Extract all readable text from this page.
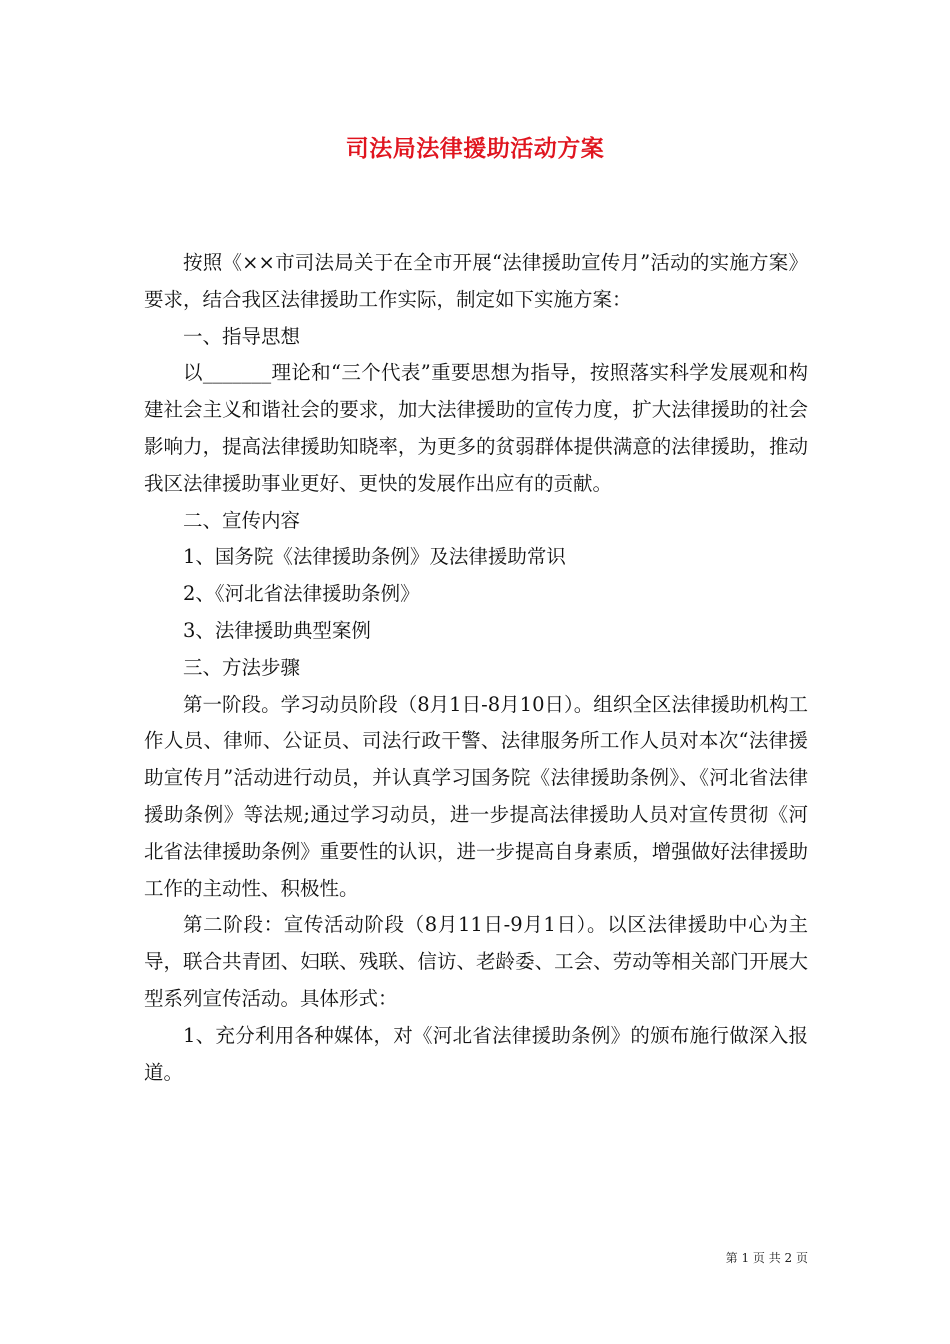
司法局法律援助活动方案

按照《××市司法局关于在全市开展“法律援助宣传月”活动的实施方案》要求，结合我区法律援助工作实际，制定如下实施方案：

一、指导思想

以_______理论和“三个代表”重要思想为指导，按照落实科学发展观和构建社会主义和谐社会的要求，加大法律援助的宣传力度，扩大法律援助的社会影响力，提高法律援助知晓率，为更多的贫弱群体提供满意的法律援助，推动我区法律援助事业更好、更快的发展作出应有的贡献。

二、宣传内容

1、国务院《法律援助条例》及法律援助常识

2、《河北省法律援助条例》

3、法律援助典型案例

三、方法步骤

第一阶段。学习动员阶段（8月1日-8月10日）。组织全区法律援助机构工作人员、律师、公证员、司法行政干警、法律服务所工作人员对本次“法律援助宣传月”活动进行动员，并认真学习国务院《法律援助条例》、《河北省法律援助条例》等法规;通过学习动员，进一步提高法律援助人员对宣传贯彻《河北省法律援助条例》重要性的认识，进一步提高自身素质，增强做好法律援助工作的主动性、积极性。

第二阶段：宣传活动阶段（8月11日-9月1日）。以区法律援助中心为主导，联合共青团、妇联、残联、信访、老龄委、工会、劳动等相关部门开展大型系列宣传活动。具体形式：

1、充分利用各种媒体，对《河北省法律援助条例》的颁布施行做深入报道。

第 1 页 共 2 页
